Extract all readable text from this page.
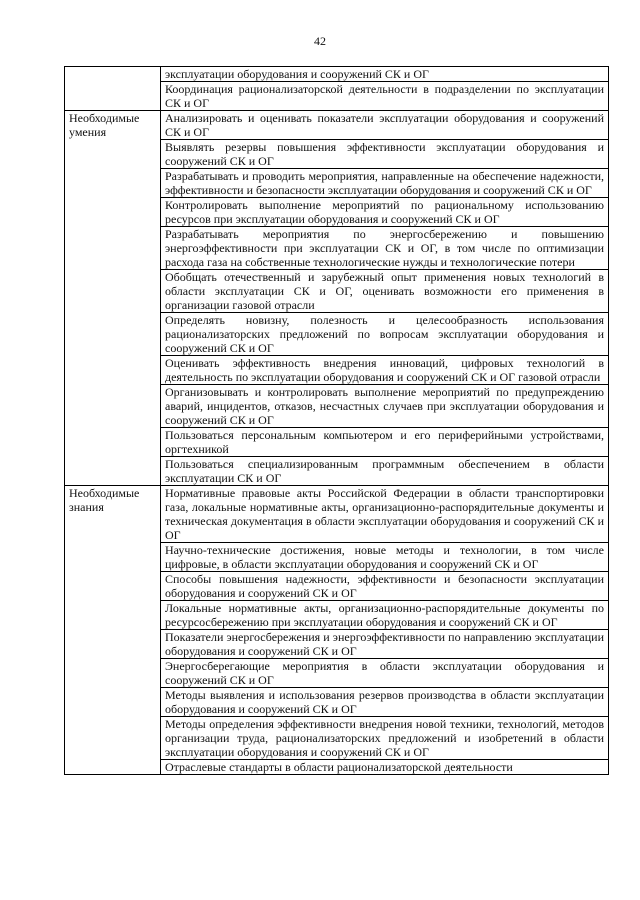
42

	эксплуатации оборудования и сооружений СК и ОГ

	Координация рационализаторской деятельности в подразделении по эксплуатации СК и ОГ

Необходимые умения	Анализировать и оценивать показатели эксплуатации оборудования и сооружений СК и ОГ

	Выявлять резервы повышения эффективности эксплуатации оборудования и сооружений СК и ОГ

	Разрабатывать и проводить мероприятия, направленные на обеспечение надежности, эффективности и безопасности эксплуатации оборудования и сооружений СК и ОГ

	Контролировать выполнение мероприятий по рациональному использованию ресурсов при эксплуатации оборудования и сооружений СК и ОГ

	Разрабатывать мероприятия по энергосбережению и повышению энергоэффективности при эксплуатации СК и ОГ, в том числе по оптимизации расхода газа на собственные технологические нужды и технологические потери

	Обобщать отечественный и зарубежный опыт применения новых технологий в области эксплуатации СК и ОГ, оценивать возможности его применения в организации газовой отрасли

	Определять новизну, полезность и целесообразность использования рационализаторских предложений по вопросам эксплуатации оборудования и сооружений СК и ОГ

	Оценивать эффективность внедрения инноваций, цифровых технологий в деятельность по эксплуатации оборудования и сооружений СК и ОГ газовой отрасли

	Организовывать и контролировать выполнение мероприятий по предупреждению аварий, инцидентов, отказов, несчастных случаев при эксплуатации оборудования и сооружений СК и ОГ

	Пользоваться персональным компьютером и его периферийными устройствами, оргтехникой

	Пользоваться специализированным программным обеспечением в области эксплуатации СК и ОГ

Необходимые знания	Нормативные правовые акты Российской Федерации в области транспортировки газа, локальные нормативные акты, организационно-распорядительные документы и техническая документация в области эксплуатации оборудования и сооружений СК и ОГ

	Научно-технические достижения, новые методы и технологии, в том числе цифровые, в области эксплуатации оборудования и сооружений СК и ОГ

	Способы повышения надежности, эффективности и безопасности эксплуатации оборудования и сооружений СК и ОГ

	Локальные нормативные акты, организационно-распорядительные документы по ресурсосбережению при эксплуатации оборудования и сооружений СК и ОГ

	Показатели энергосбережения и энергоэффективности по направлению эксплуатации оборудования и сооружений СК и ОГ

	Энергосберегающие мероприятия в области эксплуатации оборудования и сооружений СК и ОГ

	Методы выявления и использования резервов производства в области эксплуатации оборудования и сооружений СК и ОГ

	Методы определения эффективности внедрения новой техники, технологий, методов организации труда, рационализаторских предложений и изобретений в области эксплуатации оборудования и сооружений СК и ОГ

	Отраслевые стандарты в области рационализаторской деятельности
